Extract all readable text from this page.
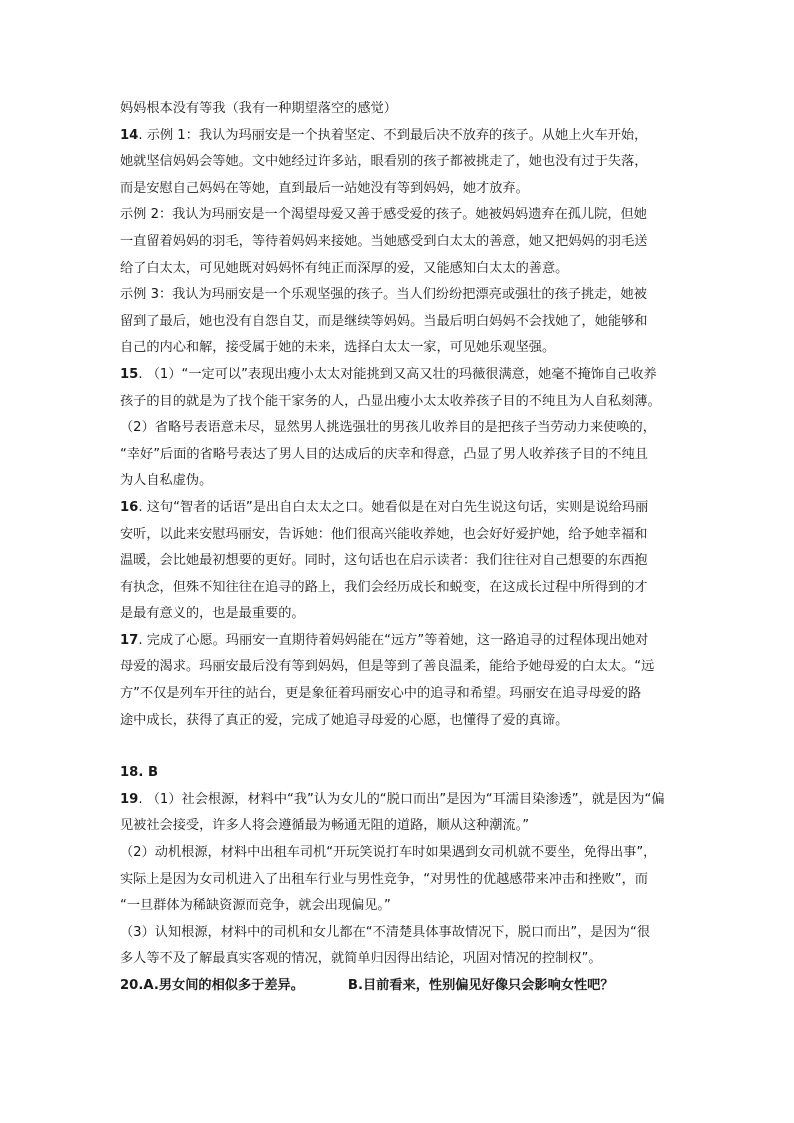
妈妈根本没有等我（我有一种期望落空的感觉）
14. 示例 1：我认为玛丽安是一个执着坚定、不到最后决不放弃的孩子。从她上火车开始，
她就坚信妈妈会等她。文中她经过许多站，眼看别的孩子都被挑走了，她也没有过于失落，
而是安慰自己妈妈在等她，直到最后一站她没有等到妈妈，她才放弃。
示例 2：我认为玛丽安是一个渴望母爱又善于感受爱的孩子。她被妈妈遗弃在孤儿院，但她
一直留着妈妈的羽毛，等待着妈妈来接她。当她感受到白太太的善意，她又把妈妈的羽毛送
给了白太太，可见她既对妈妈怀有纯正而深厚的爱，又能感知白太太的善意。
示例 3：我认为玛丽安是一个乐观坚强的孩子。当人们纷纷把漂亮或强壮的孩子挑走，她被
留到了最后，她也没有自怨自艾，而是继续等妈妈。当最后明白妈妈不会找她了，她能够和
自己的内心和解，接受属于她的未来，选择白太太一家，可见她乐观坚强。
15. （1）“一定可以”表现出瘦小太太对能挑到又高又壮的玛薇很满意，她毫不掩饰自己收养
孩子的目的就是为了找个能干家务的人，凸显出瘦小太太收养孩子目的不纯且为人自私刻薄。
（2）省略号表语意未尽，显然男人挑选强壮的男孩儿收养目的是把孩子当劳动力来使唤的，
“幸好”后面的省略号表达了男人目的达成后的庆幸和得意，凸显了男人收养孩子目的不纯且
为人自私虚伪。
16. 这句“智者的话语”是出自白太太之口。她看似是在对白先生说这句话，实则是说给玛丽
安听，以此来安慰玛丽安，告诉她：他们很高兴能收养她，也会好好爱护她，给予她幸福和
温暖，会比她最初想要的更好。同时，这句话也在启示读者：我们往往对自己想要的东西抱
有执念，但殊不知往往在追寻的路上，我们会经历成长和蜕变，在这成长过程中所得到的才
是最有意义的，也是最重要的。
17. 完成了心愿。玛丽安一直期待着妈妈能在“远方”等着她，这一路追寻的过程体现出她对
母爱的渴求。玛丽安最后没有等到妈妈，但是等到了善良温柔，能给予她母爱的白太太。“远
方”不仅是列车开往的站台，更是象征着玛丽安心中的追寻和希望。玛丽安在追寻母爱的路
途中成长，获得了真正的爱，完成了她追寻母爱的心愿，也懂得了爱的真谛。
18. B
19. （1）社会根源，材料中“我”认为女儿的“脱口而出”是因为“耳濡目染渗透”，就是因为“偏
见被社会接受，许多人将会遵循最为畅通无阻的道路，顺从这种潮流。”
（2）动机根源，材料中出租车司机“开玩笑说打车时如果遇到女司机就不要坐，免得出事”，
实际上是因为女司机进入了出租车行业与男性竞争，“对男性的优越感带来冲击和挫败”，而
“一旦群体为稀缺资源而竞争，就会出现偏见。”
（3）认知根源，材料中的司机和女儿都在“不清楚具体事故情况下，脱口而出”，是因为“很
多人等不及了解最真实客观的情况，就简单归因得出结论，巩固对情况的控制权”。
20.A.男女间的相似多于差异。	B.目前看来，性别偏见好像只会影响女性吧？
